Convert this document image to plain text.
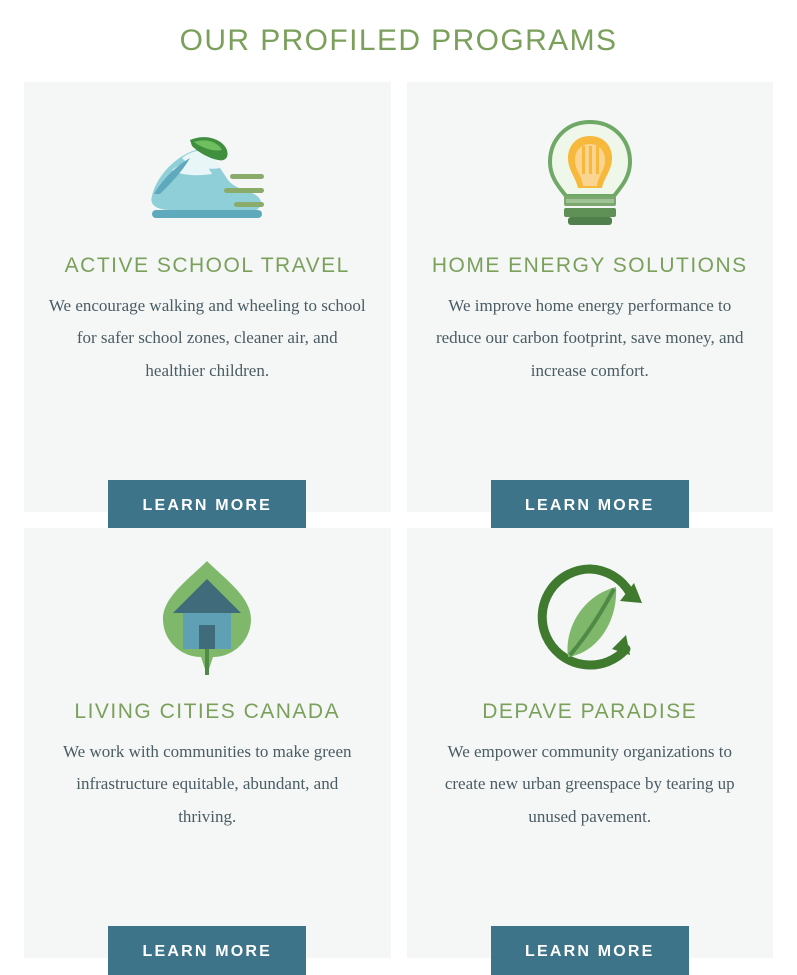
OUR PROFILED PROGRAMS
ACTIVE SCHOOL TRAVEL

We encourage walking and wheeling to school for safer school zones, cleaner air, and healthier children.

LEARN MORE
HOME ENERGY SOLUTIONS

We improve home energy performance to reduce our carbon footprint, save money, and increase comfort.

LEARN MORE
LIVING CITIES CANADA

We work with communities to make green infrastructure equitable, abundant, and thriving.

LEARN MORE
DEPAVE PARADISE

We empower community organizations to create new urban greenspace by tearing up unused pavement.

LEARN MORE
